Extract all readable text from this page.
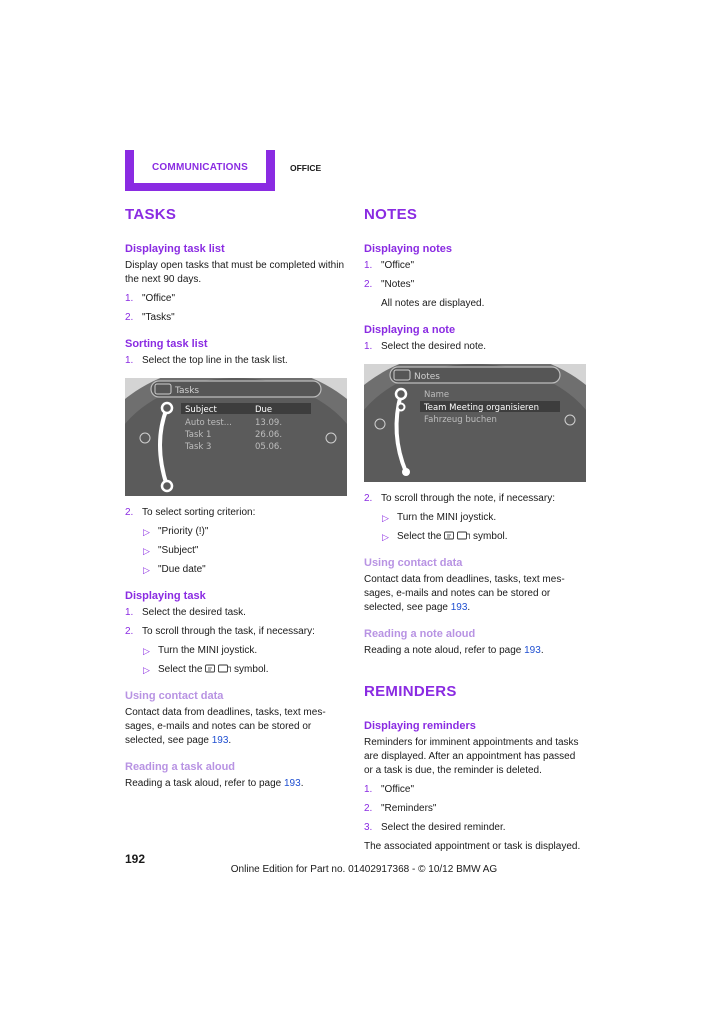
COMMUNICATIONS	OFFICE
TASKS
Displaying task list

Display open tasks that must be completed within the next 90 days.

1. "Office"
2. "Tasks"
Sorting task list
1. Select the top line in the task list.
Tasks
Subject	Due
Auto test...	13.09.
Task 1	26.06.
Task 3	05.06.
2. To select sorting criterion:
▷ "Priority (!)"
▷ "Subject"
▷ "Due date"
Displaying task
1. Select the desired task.
2. To scroll through the task, if necessary:
▷ Turn the MINI joystick.
▷ Select the	symbol.
Using contact data

Contact data from deadlines, tasks, text mes-sages, e-mails and notes can be stored or selected, see page 193.

Reading a task aloud

Reading a task aloud, refer to page 193.

NOTES
Displaying notes
1. "Office"
2. "Notes"

All notes are displayed.

Displaying a note
1. Select the desired note.
Notes
Name
Team Meeting organisieren
Fahrzeug buchen
2. To scroll through the note, if necessary:
▷ Turn the MINI joystick.
▷ Select the	symbol.
Using contact data

Contact data from deadlines, tasks, text mes-sages, e-mails and notes can be stored or selected, see page 193.

Reading a note aloud

Reading a note aloud, refer to page 193.

REMINDERS
Displaying reminders

Reminders for imminent appointments and tasks are displayed. After an appointment has passed or a task is due, the reminder is deleted.

1. "Office"
2. "Reminders"
3. Select the desired reminder.

The associated appointment or task is displayed.

192
Online Edition for Part no. 01402917368 - © 10/12 BMW AG
